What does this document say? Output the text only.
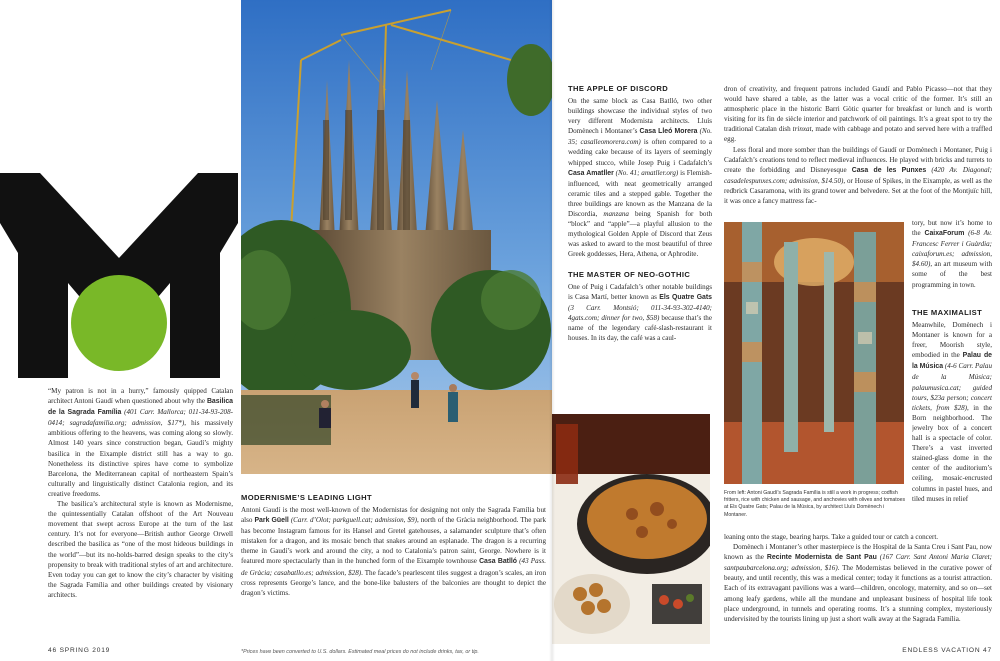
“My patron is not in a hurry,” famously quipped Catalan architect Antoni Gaudí when questioned about why the Basilica de la Sagrada Família (401 Carr. Mallorca; 011-34-93-208-0414; sagradafamilia.org; admission, $17*), his massively ambitious offering to the heavens, was coming along so slowly. Almost 140 years since construction began, Gaudí’s mighty basilica in the Eixample district still has a way to go. Nonetheless its distinctive spires have come to symbolize Barcelona, the Mediterranean capital of northeastern Spain’s culturally and linguistically distinct Catalonia region, and its creative freedoms.

The basilica’s architectural style is known as Modernisme, the quintessentially Catalan offshoot of the Art Nouveau movement that swept across Europe at the turn of the last century. It’s not for everyone—British author George Orwell described the basilica as “one of the most hideous buildings in the world”—but its no-holds-barred design speaks to the city’s propensity to break with traditional styles of art and architecture. Even today you can get to know the city’s character by visiting the Sagrada Família and other buildings created by visionary architects.

MODERNISME’S LEADING LIGHT

Antoni Gaudí is the most well-known of the Modernistas for designing not only the Sagrada Família but also Park Güell (Carr. d’Olot; parkguell.cat; admission, $9), north of the Gràcia neighborhood. The park has become Instagram famous for its Hansel and Gretel gatehouses, a salamander sculpture that’s often mistaken for a dragon, and its mosaic bench that snakes around an esplanade. The dragon is a recurring theme in Gaudí’s work and around the city, a nod to Catalonia’s patron saint, George. Nowhere is it featured more spectacularly than in the hunched form of the Eixample townhouse Casa Batlló (43 Pass. de Gràcia; casabatllo.es; admission, $28). The facade’s pearlescent tiles suggest a dragon’s scales, an iron cross represents George’s lance, and the bone-like balusters of the balconies are thought to depict the dragon’s victims.

THE APPLE OF DISCORD

On the same block as Casa Batlló, two other buildings showcase the individual styles of two very different Modernista architects. Lluís Domènech i Montaner’s Casa Lleó Morera (No. 35; casalleomorera.com) is often compared to a wedding cake because of its layers of seemingly whipped stucco, while Josep Puig i Cadafalch’s Casa Amatller (No. 41; amatller.org) is Flemish-influenced, with neat geometrically arranged ceramic tiles and a stepped gable. Together the three buildings are known as the Manzana de la Discordia, manzana being Spanish for both “block” and “apple”—a playful allusion to the mythological Golden Apple of Discord that Zeus was asked to award to the most beautiful of three Greek goddesses, Hera, Athena, or Aphrodite.

THE MASTER OF NEO-GOTHIC

One of Puig i Cadafalch’s other notable buildings is Casa Martí, better known as Els Quatre Gats (3 Carr. Montsió; 011-34-93-302-4140; 4gats.com; dinner for two, $58) because that’s the name of the legendary café-slash-restaurant it houses. In its day, the café was a caul-

dron of creativity, and frequent patrons included Gaudí and Pablo Picasso—not that they would have shared a table, as the latter was a vocal critic of the former. It’s still an atmospheric place in the historic Barri Gòtic quarter for breakfast or lunch and is worth visiting for its fin de siècle interior and patchwork of oil paintings. It’s a great spot to try the traditional Catalan dish trinxat, made with cabbage and potato and served here with a traffled egg.

Less floral and more somber than the buildings of Gaudí or Domènech i Montaner, Puig i Cadafalch’s creations tend to reflect medieval influences. He played with bricks and turrets to create the forbidding and Disneyesque Casa de les Punxes (420 Av. Diagonal; casadelespunxes.com; admission, $14.50), or House of Spikes, in the Eixample, as well as the redbrick Casaramona, with its grand tower and belvedere. Set at the foot of the Montjuïc hill, it was once a fancy mattress fac-

tory, but now it’s home to the CaixaForum (6-8 Av. Francesc Ferrer i Guàrdia; caixaforum.es; admission, $4.60), an art museum with some of the best programming in town.

THE MAXIMALIST

Meanwhile, Domènech i Montaner is known for a freer, Moorish style, embodied in the Palau de la Música (4-6 Carr. Palau de la Música; palaumusica.cat; guided tours, $23a person; concert tickets, from $28), in the Born neighborhood. The jewelry box of a concert hall is a spectacle of color. There’s a vast inverted stained-glass dome in the center of the auditorium’s ceiling, mosaic-encrusted columns in pastel hues, and tiled muses in relief

From left: Antoni Gaudí’s Sagrada Família is still a work in progress; codfish fritters, rice with chicken and sausage, and anchovies with olives and tomatoes at Els Quatre Gats; Palau de la Música, by architect Lluís Domènech i Montaner.

leaning onto the stage, bearing harps. Take a guided tour or catch a concert.

Domènech i Montaner’s other masterpiece is the Hospital de la Santa Creu i Sant Pau, now known as the Recinte Modernista de Sant Pau (167 Carr. Sant Antoni Maria Claret; santpaubarcelona.org; admission, $16). The Modernistas believed in the curative power of beauty, and until recently, this was a medical center; today it functions as a tourist attraction. Each of its extravagant pavilions was a ward—children, oncology, maternity, and so on—set among leafy gardens, while all the mundane and unpleasant business of hospital life took place underground, in tunnels and operating rooms. It’s a stunning complex, mysteriously undervisited by the tourists lining up just a short walk away at the Sagrada Família.

46 SPRING 2019	*Prices have been converted to U.S. dollars. Estimated meal prices do not include drinks, tax, or tip.	ENDLESS VACATION 47
